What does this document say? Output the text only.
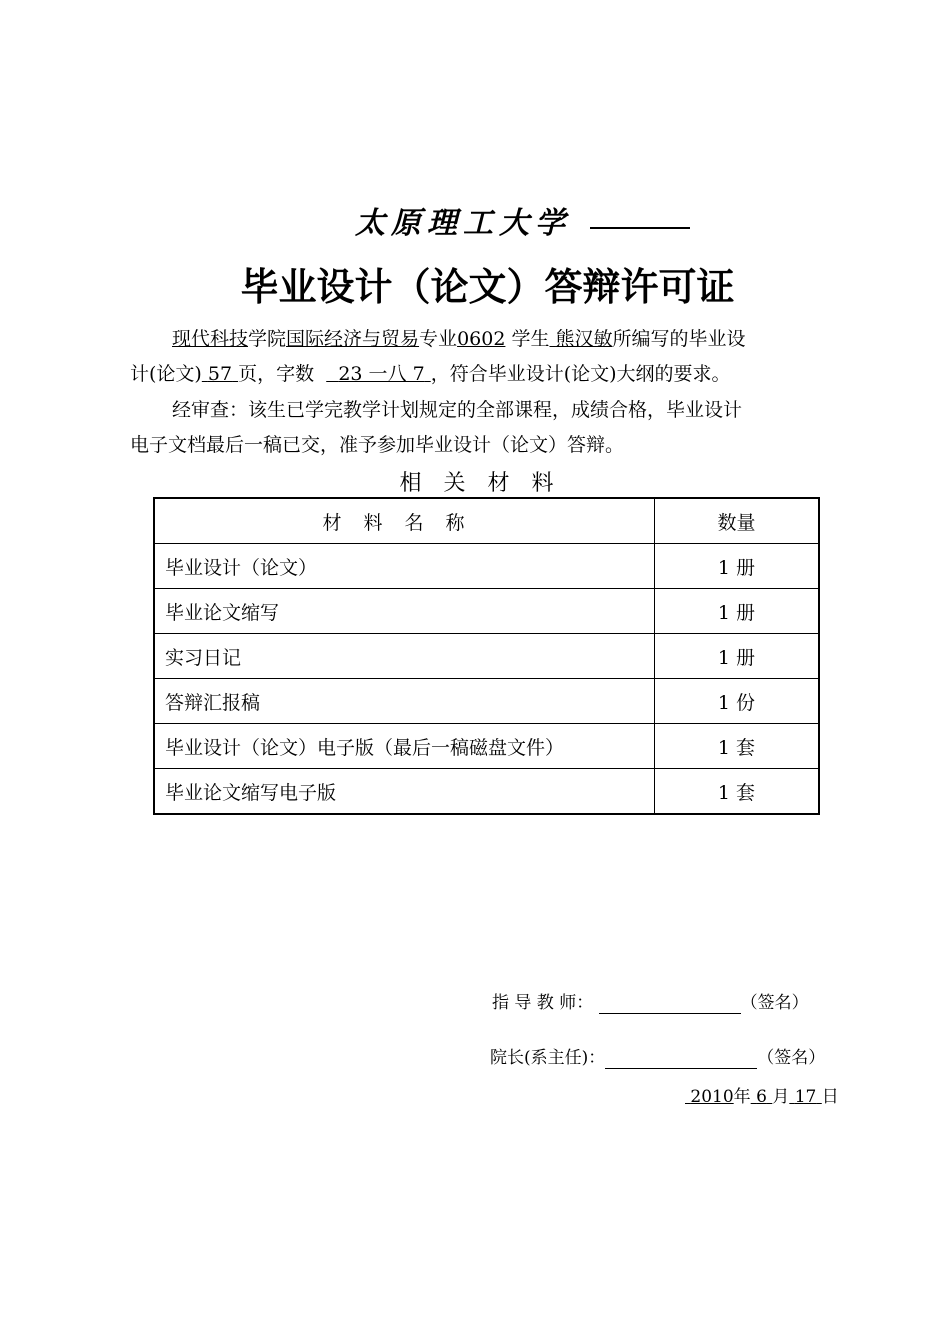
太原理工大学
毕业设计（论文）答辩许可证
现代科技学院国际经济与贸易专业0602 学生 熊汉敏所编写的毕业设
计(论文) 57 页，字数 23 一八 7 ，符合毕业设计(论文)大纲的要求。
经审查：该生已学完教学计划规定的全部课程，成绩合格，毕业设计
电子文档最后一稿已交，准予参加毕业设计（论文）答辩。
相关材料
材料名称	数量
毕业设计（论文）	1 册
毕业论文缩写	1 册
实习日记	1 册
答辩汇报稿	1 份
毕业设计（论文）电子版（最后一稿磁盘文件）	1 套
毕业论文缩写电子版	1 套
指 导 教 师：	（签名）
院长(系主任)：	（签名）
2010年 6 月 17 日
